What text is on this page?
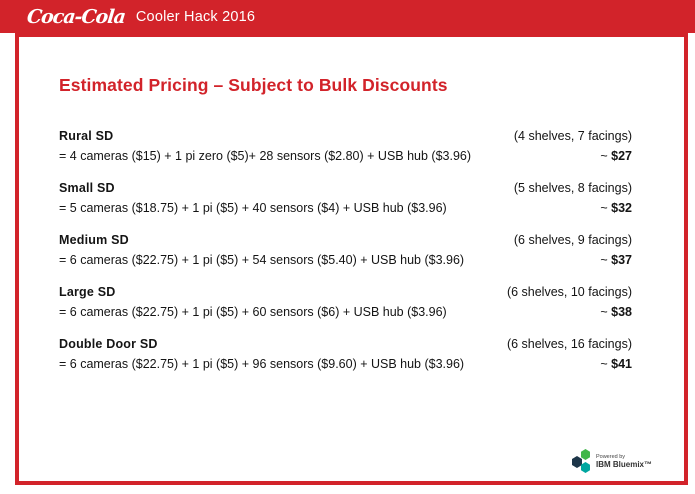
Coca-Cola Cooler Hack 2016
Estimated Pricing – Subject to Bulk Discounts
Rural SD	(4 shelves, 7 facings)
= 4 cameras ($15) + 1 pi zero ($5)+ 28 sensors ($2.80) + USB hub ($3.96)	~ $27
Small SD	(5 shelves, 8 facings)
= 5 cameras ($18.75) + 1 pi ($5) + 40 sensors ($4) + USB hub ($3.96)	~ $32
Medium SD	(6 shelves, 9 facings)
= 6 cameras ($22.75) + 1 pi ($5) + 54 sensors ($5.40) + USB hub ($3.96)	~ $37
Large SD	(6 shelves, 10 facings)
= 6 cameras ($22.75) + 1 pi ($5) + 60 sensors ($6) + USB hub ($3.96)	~ $38
Double Door SD	(6 shelves, 16 facings)
= 6 cameras ($22.75) + 1 pi ($5) + 96 sensors ($9.60) + USB hub ($3.96)	~ $41
Powered by
IBM Bluemix™
